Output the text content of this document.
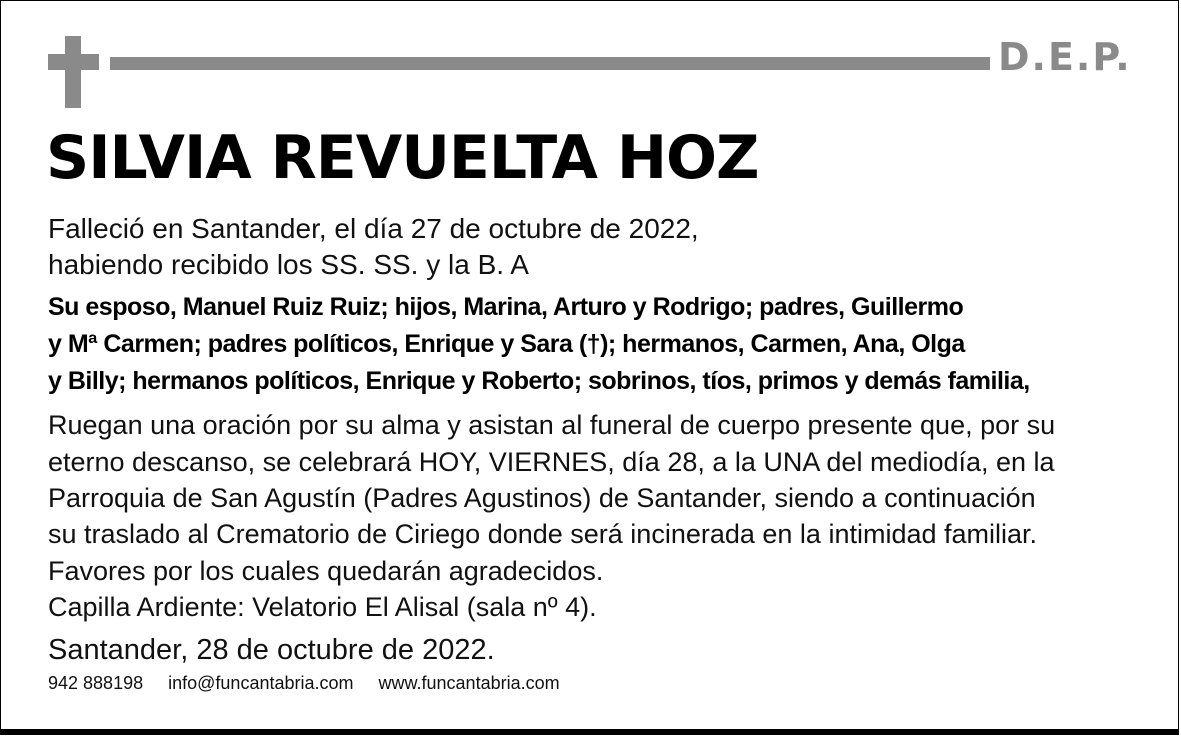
D.E.P.
SILVIA REVUELTA HOZ
Falleció en Santander, el día 27 de octubre de 2022,
habiendo recibido los SS. SS. y la B. A
Su esposo, Manuel Ruiz Ruiz; hijos, Marina, Arturo y Rodrigo; padres, Guillermo
y Mª Carmen; padres políticos, Enrique y Sara (†); hermanos, Carmen, Ana, Olga
y Billy; hermanos políticos, Enrique y Roberto; sobrinos, tíos, primos y demás familia,
Ruegan una oración por su alma y asistan al funeral de cuerpo presente que, por su
eterno descanso, se celebrará HOY, VIERNES, día 28, a la UNA del mediodía, en la
Parroquia de San Agustín (Padres Agustinos) de Santander, siendo a continuación
su traslado al Crematorio de Ciriego donde será incinerada en la intimidad familiar.
Favores por los cuales quedarán agradecidos.
Capilla Ardiente: Velatorio El Alisal (sala nº 4).
Santander, 28 de octubre de 2022.
942 888198 info@funcantabria.com www.funcantabria.com
